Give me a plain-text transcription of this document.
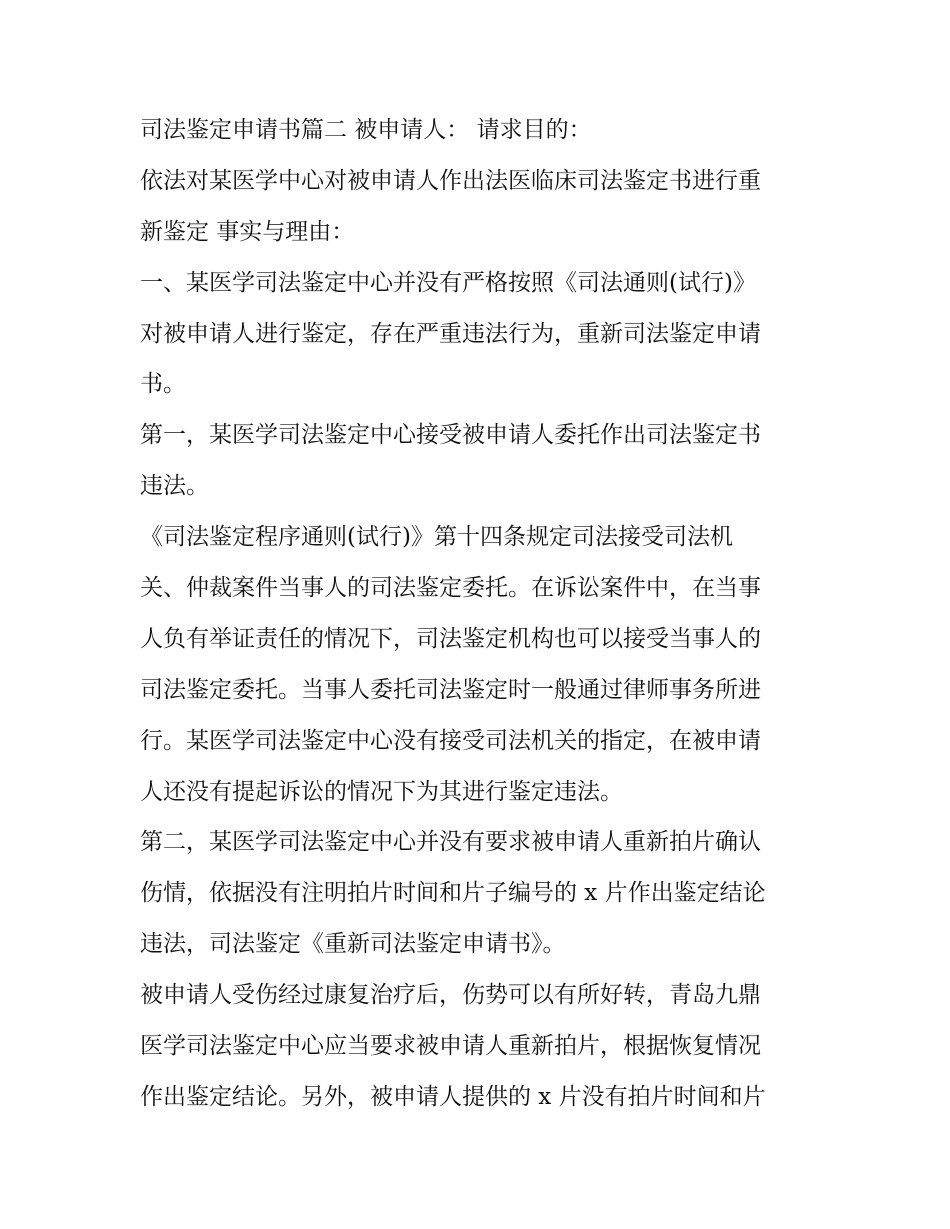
司法鉴定申请书篇二 被申请人： 请求目的：
依法对某医学中心对被申请人作出法医临床司法鉴定书进行重
新鉴定 事实与理由：
一、某医学司法鉴定中心并没有严格按照《司法通则(试行)》
对被申请人进行鉴定，存在严重违法行为，重新司法鉴定申请
书。
第一，某医学司法鉴定中心接受被申请人委托作出司法鉴定书
违法。
《司法鉴定程序通则(试行)》第十四条规定司法接受司法机
关、仲裁案件当事人的司法鉴定委托。在诉讼案件中，在当事
人负有举证责任的情况下，司法鉴定机构也可以接受当事人的
司法鉴定委托。当事人委托司法鉴定时一般通过律师事务所进
行。某医学司法鉴定中心没有接受司法机关的指定，在被申请
人还没有提起诉讼的情况下为其进行鉴定违法。
第二，某医学司法鉴定中心并没有要求被申请人重新拍片确认
伤情，依据没有注明拍片时间和片子编号的 x 片作出鉴定结论
违法，司法鉴定《重新司法鉴定申请书》。
被申请人受伤经过康复治疗后，伤势可以有所好转，青岛九鼎
医学司法鉴定中心应当要求被申请人重新拍片，根据恢复情况
作出鉴定结论。另外，被申请人提供的 x 片没有拍片时间和片
